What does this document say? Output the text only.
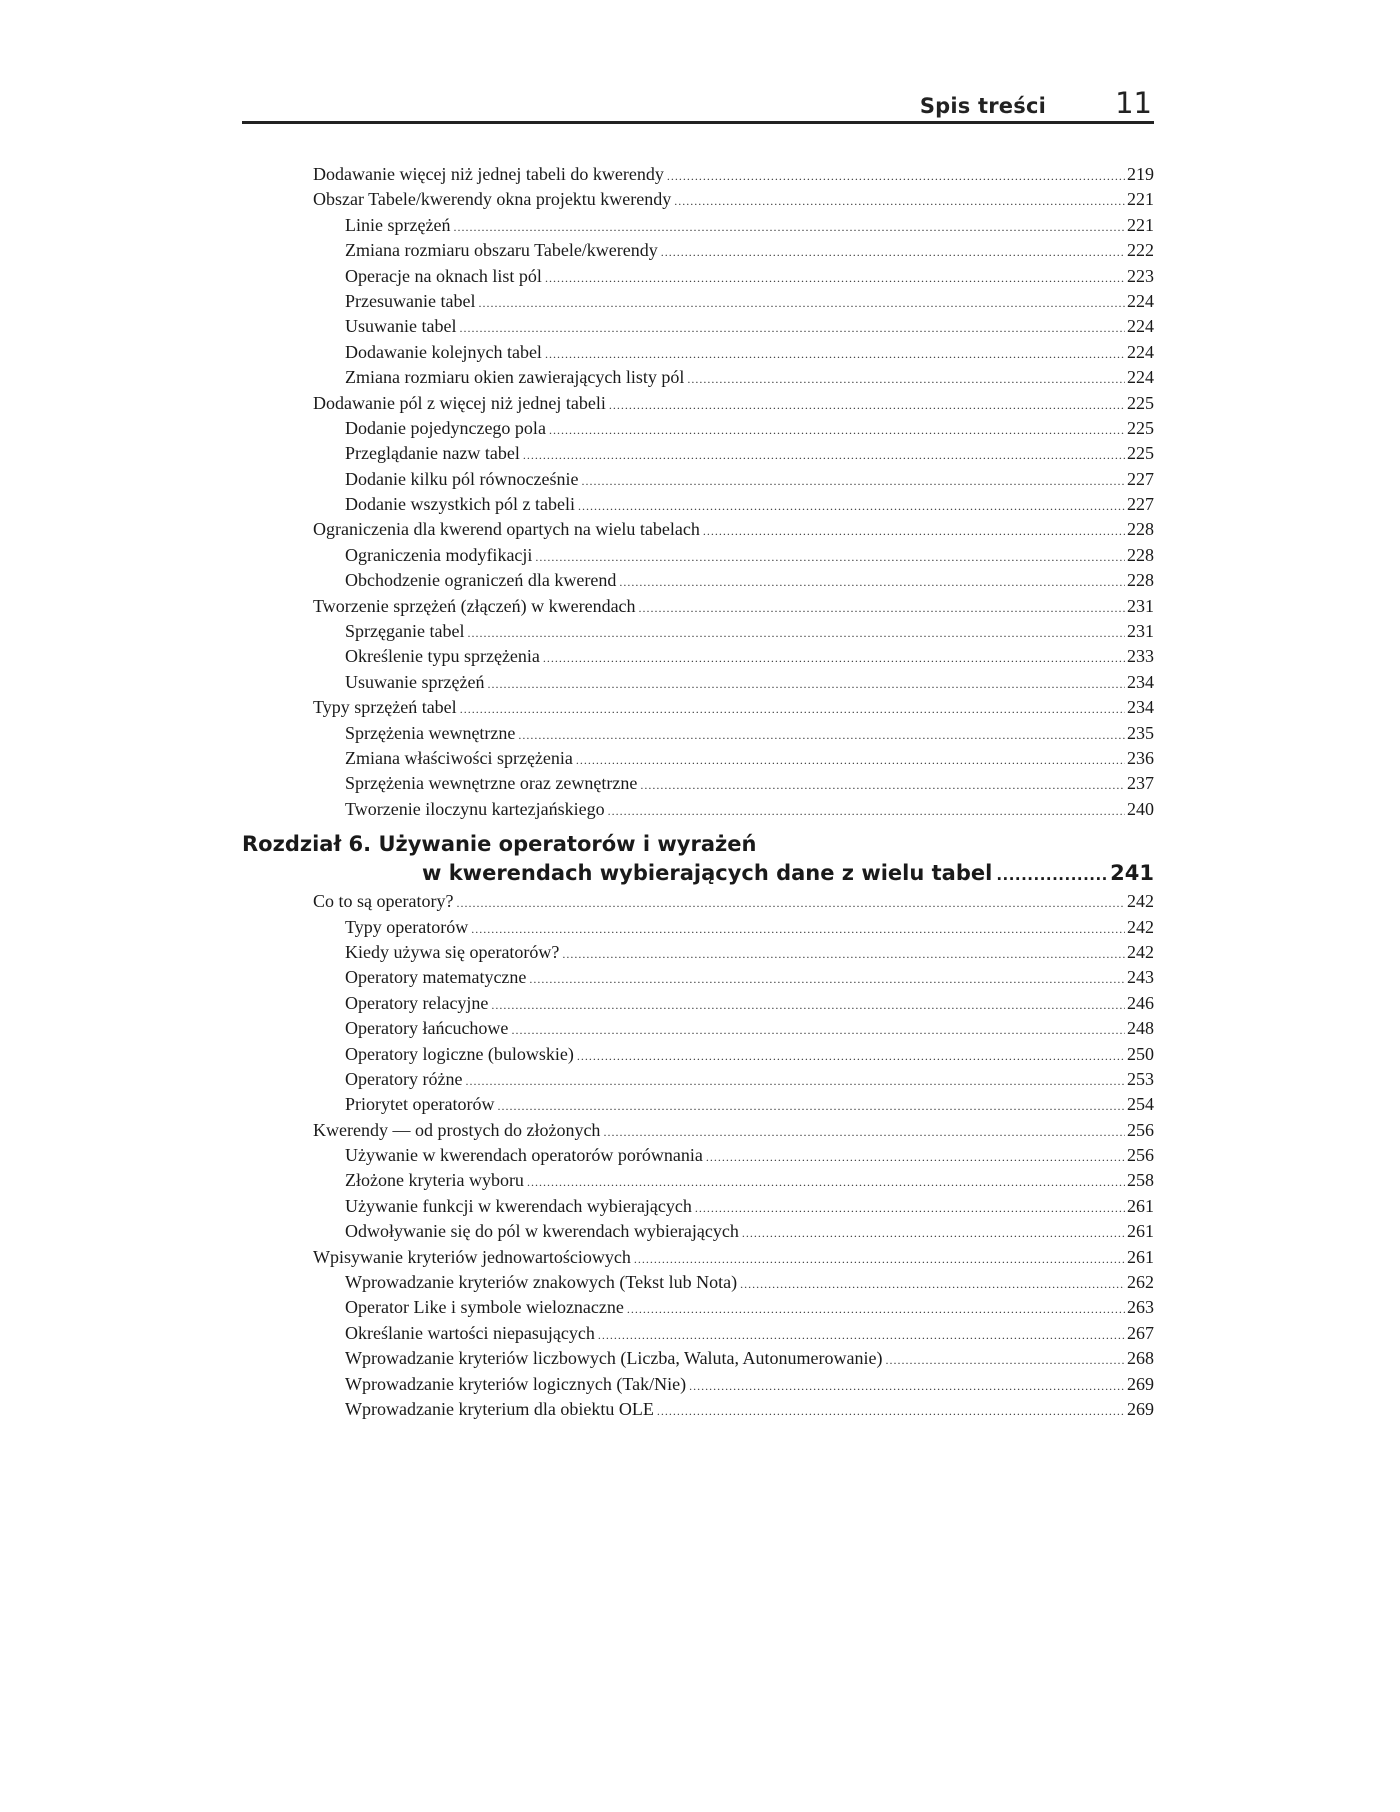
Spis treści 11
Dodawanie więcej niż jednej tabeli do kwerendy .....	219
Obszar Tabele/kwerendy okna projektu kwerendy .....	221
Linie sprzężeń .....	221
Zmiana rozmiaru obszaru Tabele/kwerendy .....	222
Operacje na oknach list pól .....	223
Przesuwanie tabel .....	224
Usuwanie tabel .....	224
Dodawanie kolejnych tabel .....	224
Zmiana rozmiaru okien zawierających listy pól .....	224
Dodawanie pól z więcej niż jednej tabeli .....	225
Dodanie pojedynczego pola .....	225
Przeglądanie nazw tabel .....	225
Dodanie kilku pól równocześnie .....	227
Dodanie wszystkich pól z tabeli .....	227
Ograniczenia dla kwerend opartych na wielu tabelach .....	228
Ograniczenia modyfikacji .....	228
Obchodzenie ograniczeń dla kwerend .....	228
Tworzenie sprzężeń (złączeń) w kwerendach .....	231
Sprzęganie tabel .....	231
Określenie typu sprzężenia .....	233
Usuwanie sprzężeń .....	234
Typy sprzężeń tabel .....	234
Sprzężenia wewnętrzne .....	235
Zmiana właściwości sprzężenia .....	236
Sprzężenia wewnętrzne oraz zewnętrzne .....	237
Tworzenie iloczynu kartezjańskiego .....	240
Rozdział 6. Używanie operatorów i wyrażeń
w kwerendach wybierających dane z wielu tabel .....	241
Co to są operatory? .....	242
Typy operatorów .....	242
Kiedy używa się operatorów? .....	242
Operatory matematyczne .....	243
Operatory relacyjne .....	246
Operatory łańcuchowe .....	248
Operatory logiczne (bulowskie) .....	250
Operatory różne .....	253
Priorytet operatorów .....	254
Kwerendy — od prostych do złożonych .....	256
Używanie w kwerendach operatorów porównania .....	256
Złożone kryteria wyboru .....	258
Używanie funkcji w kwerendach wybierających .....	261
Odwoływanie się do pól w kwerendach wybierających .....	261
Wpisywanie kryteriów jednowartościowych .....	261
Wprowadzanie kryteriów znakowych (Tekst lub Nota) .....	262
Operator Like i symbole wieloznaczne .....	263
Określanie wartości niepasujących .....	267
Wprowadzanie kryteriów liczbowych (Liczba, Waluta, Autonumerowanie) .....	268
Wprowadzanie kryteriów logicznych (Tak/Nie) .....	269
Wprowadzanie kryterium dla obiektu OLE .....	269
